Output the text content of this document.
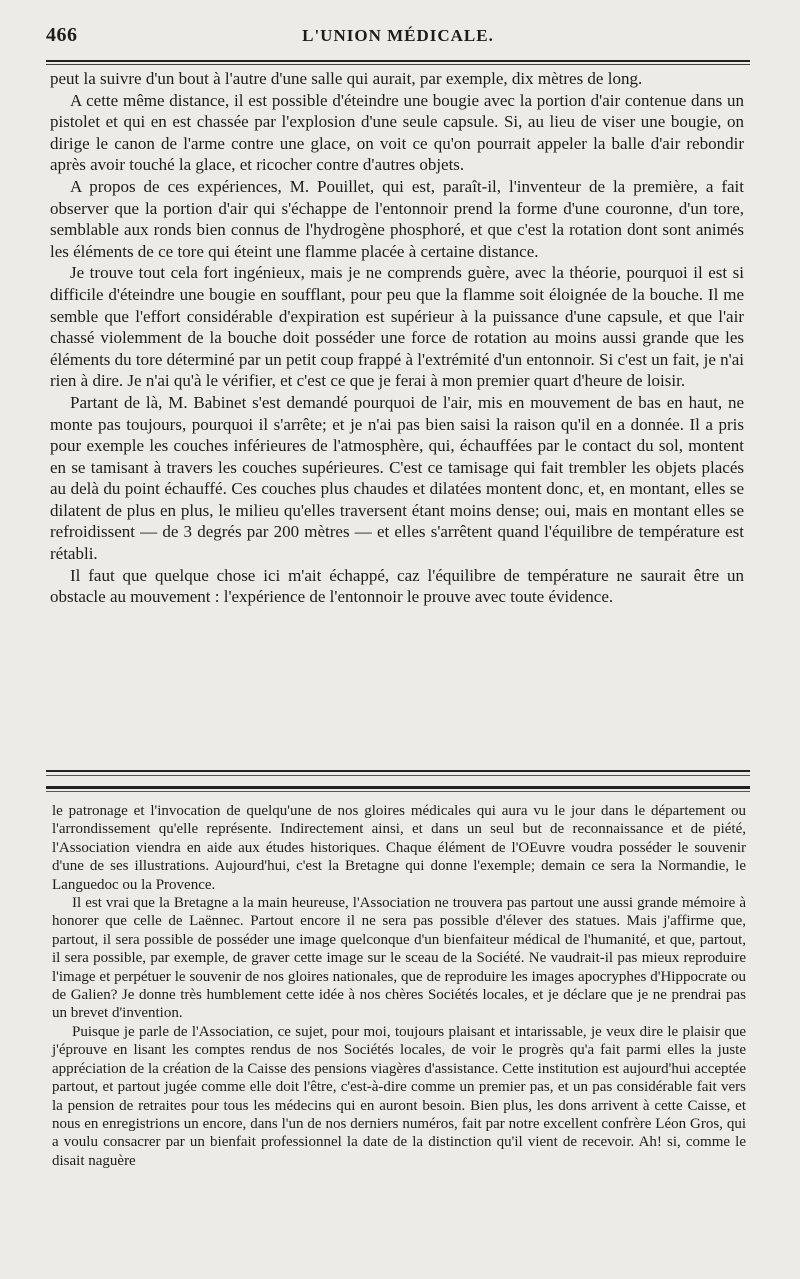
466	L'UNION MÉDICALE.

peut la suivre d'un bout à l'autre d'une salle qui aurait, par exemple, dix mètres de long.

A cette même distance, il est possible d'éteindre une bougie avec la portion d'air contenue dans un pistolet et qui en est chassée par l'explosion d'une seule capsule. Si, au lieu de viser une bougie, on dirige le canon de l'arme contre une glace, on voit ce qu'on pourrait appeler la balle d'air rebondir après avoir touché la glace, et ricocher contre d'autres objets.

A propos de ces expériences, M. Pouillet, qui est, paraît-il, l'inventeur de la première, a fait observer que la portion d'air qui s'échappe de l'entonnoir prend la forme d'une couronne, d'un tore, semblable aux ronds bien connus de l'hydrogène phosphoré, et que c'est la rotation dont sont animés les éléments de ce tore qui éteint une flamme placée à certaine distance.

Je trouve tout cela fort ingénieux, mais je ne comprends guère, avec la théorie, pourquoi il est si difficile d'éteindre une bougie en soufflant, pour peu que la flamme soit éloignée de la bouche. Il me semble que l'effort considérable d'expiration est supérieur à la puissance d'une capsule, et que l'air chassé violemment de la bouche doit posséder une force de rotation au moins aussi grande que les éléments du tore déterminé par un petit coup frappé à l'extrémité d'un entonnoir. Si c'est un fait, je n'ai rien à dire. Je n'ai qu'à le vérifier, et c'est ce que je ferai à mon premier quart d'heure de loisir.

Partant de là, M. Babinet s'est demandé pourquoi de l'air, mis en mouvement de bas en haut, ne monte pas toujours, pourquoi il s'arrête; et je n'ai pas bien saisi la raison qu'il en a donnée. Il a pris pour exemple les couches inférieures de l'atmosphère, qui, échauffées par le contact du sol, montent en se tamisant à travers les couches supérieures. C'est ce tamisage qui fait trembler les objets placés au delà du point échauffé. Ces couches plus chaudes et dilatées montent donc, et, en montant, elles se dilatent de plus en plus, le milieu qu'elles traversent étant moins dense; oui, mais en montant elles se refroidissent — de 3 degrés par 200 mètres — et elles s'arrêtent quand l'équilibre de température est rétabli.

Il faut que quelque chose ici m'ait échappé, caz l'équilibre de température ne saurait être un obstacle au mouvement : l'expérience de l'entonnoir le prouve avec toute évidence.

le patronage et l'invocation de quelqu'une de nos gloires médicales qui aura vu le jour dans le département ou l'arrondissement qu'elle représente. Indirectement ainsi, et dans un seul but de reconnaissance et de piété, l'Association viendra en aide aux études historiques. Chaque élément de l'OEuvre voudra posséder le souvenir d'une de ses illustrations. Aujourd'hui, c'est la Bretagne qui donne l'exemple; demain ce sera la Normandie, le Languedoc ou la Provence.

Il est vrai que la Bretagne a la main heureuse, l'Association ne trouvera pas partout une aussi grande mémoire à honorer que celle de Laënnec. Partout encore il ne sera pas possible d'élever des statues. Mais j'affirme que, partout, il sera possible de posséder une image quelconque d'un bienfaiteur médical de l'humanité, et que, partout, il sera possible, par exemple, de graver cette image sur le sceau de la Société. Ne vaudrait-il pas mieux reproduire l'image et perpétuer le souvenir de nos gloires nationales, que de reproduire les images apocryphes d'Hippocrate ou de Galien? Je donne très humblement cette idée à nos chères Sociétés locales, et je déclare que je ne prendrai pas un brevet d'invention.

Puisque je parle de l'Association, ce sujet, pour moi, toujours plaisant et intarissable, je veux dire le plaisir que j'éprouve en lisant les comptes rendus de nos Sociétés locales, de voir le progrès qu'a fait parmi elles la juste appréciation de la création de la Caisse des pensions viagères d'assistance. Cette institution est aujourd'hui acceptée partout, et partout jugée comme elle doit l'être, c'est-à-dire comme un premier pas, et un pas considérable fait vers la pension de retraites pour tous les médecins qui en auront besoin. Bien plus, les dons arrivent à cette Caisse, et nous en enregistrions un encore, dans l'un de nos derniers numéros, fait par notre excellent confrère Léon Gros, qui a voulu consacrer par un bienfait professionnel la date de la distinction qu'il vient de recevoir. Ah! si, comme le disait naguère
